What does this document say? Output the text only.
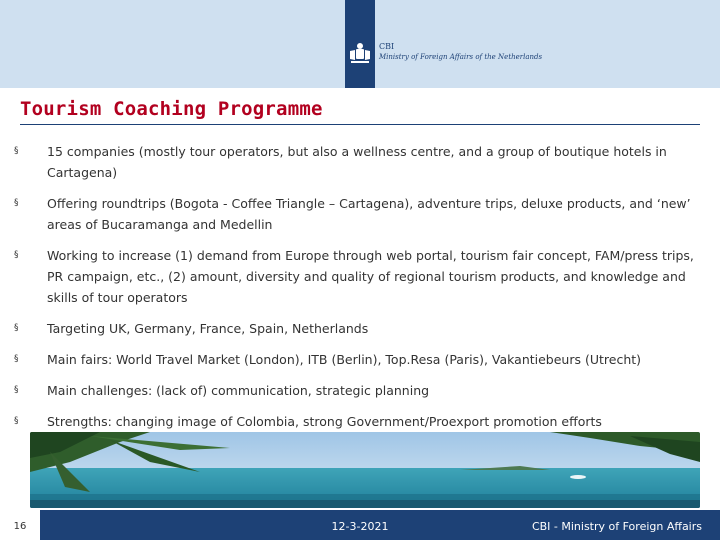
CBI
Ministry of Foreign Affairs of the Netherlands
Tourism Coaching Programme
§ 15 companies (mostly tour operators, but also a wellness centre, and a group of boutique hotels in Cartagena)
§ Offering roundtrips (Bogota - Coffee Triangle – Cartagena), adventure trips, deluxe products, and ‘new’ areas of Bucaramanga and Medellin
§ Working to increase (1) demand from Europe through web portal, tourism fair concept, FAM/press trips, PR campaign, etc., (2) amount, diversity and quality of regional tourism products, and knowledge and skills of tour operators
§ Targeting UK, Germany, France, Spain, Netherlands
§ Main fairs: World Travel Market (London), ITB (Berlin), Top.Resa (Paris), Vakantiebeurs (Utrecht)
§ Main challenges: (lack of) communication, strategic planning
§ Strengths: changing image of Colombia, strong Government/Proexport promotion efforts
16	12-3-2021	CBI - Ministry of Foreign Affairs
